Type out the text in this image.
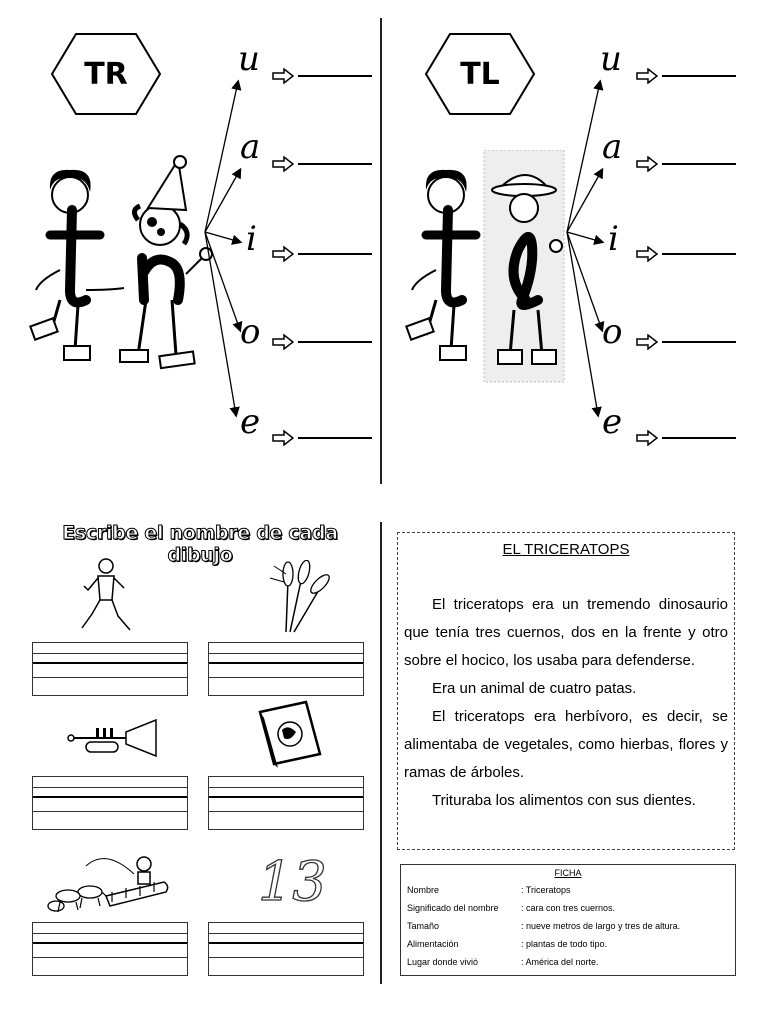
TR	u
a
i
o
e
TL	u
a
i
o
e
Escribe el nombre de cada dibujo
13
EL TRICERATOPS

El triceratops era un tremendo dinosaurio que tenía tres cuernos, dos en la frente y otro sobre el hocico, los usaba para defenderse.

Era un animal de cuatro patas.

El triceratops era herbívoro, es decir, se alimentaba de vegetales, como hierbas, flores y ramas de árboles.

Trituraba los alimentos con sus dientes.

FICHA
Nombre	: Triceratops
Significado del nombre	: cara con tres cuernos.
Tamaño	: nueve metros de largo y tres de altura.
Alimentación	: plantas de todo tipo.
Lugar donde vivió	: América del norte.
